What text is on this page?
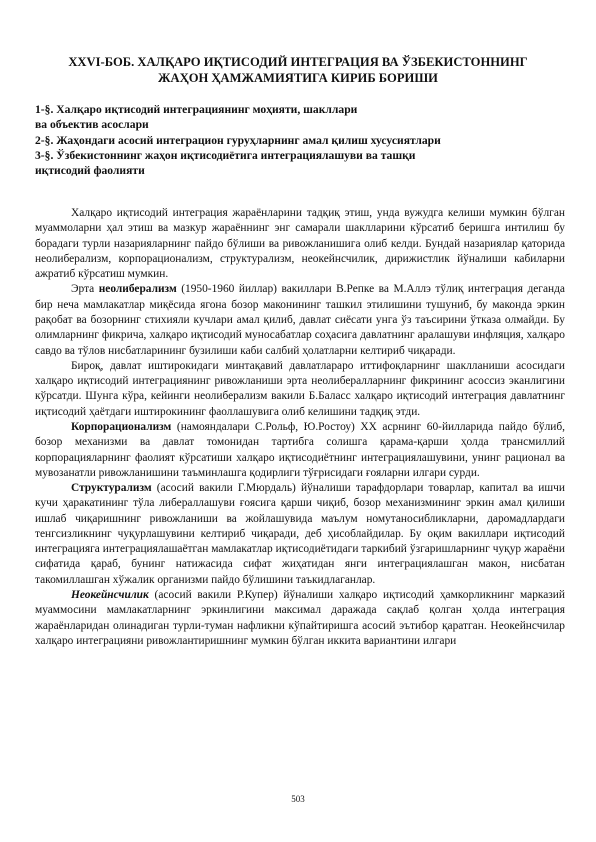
XXVI-БОБ. ХАЛҚАРО ИҚТИСОДИЙ ИНТЕГРАЦИЯ ВА ЎЗБЕКИСТОННИНГ
ЖАҲОН ҲАМЖАМИЯТИГА КИРИБ БОРИШИ
1-§. Халқаро иқтисодий интеграциянинг моҳияти, шакллари
ва объектив асослари
2-§. Жаҳондаги асосий интеграцион гуруҳларнинг амал қилиш хусусиятлари
3-§. Ўзбекистоннинг жаҳон иқтисодиётига интеграциялашуви ва ташқи
иқтисодий фаолияти

Халқаро иқтисодий интеграция жараёнларини тадқиқ этиш, унда вужудга келиши мумкин бўлган муаммоларни ҳал этиш ва мазкур жараённинг энг самарали шаклларини кўрсатиб беришга интилиш бу борадаги турли назарияларнинг пайдо бўлиши ва ривожланишига олиб келди. Бундай назариялар қаторида неолиберализм, корпорационализм, структурализм, неокейнсчилик, дирижистлик йўналиши кабиларни ажратиб кўрсатиш мумкин.

Эрта неолиберализм (1950-1960 йиллар) вакиллари В.Репке ва М.Аллэ тўлиқ интеграция деганда бир неча мамлакатлар миқёсида ягона бозор маконининг ташкил этилишини тушуниб, бу маконда эркин рақобат ва бозорнинг стихияли кучлари амал қилиб, давлат сиёсати унга ўз таъсирини ўтказа олмайди. Бу олимларнинг фикрича, халқаро иқтисодий муносабатлар соҳасига давлатнинг аралашуви инфляция, халқаро савдо ва тўлов нисбатларининг бузилиши каби салбий ҳолатларни келтириб чиқаради.

Бироқ, давлат иштирокидаги минтақавий давлатлараро иттифоқларнинг шаклланиши асосидаги халқаро иқтисодий интеграциянинг ривожланиши эрта неолибералларнинг фикрининг асоссиз эканлигини кўрсатди. Шунга кўра, кейинги неолиберализм вакили Б.Баласс халқаро иқтисодий интеграция давлатнинг иқтисодий ҳаётдаги иштирокининг фаоллашувига олиб келишини тадқиқ этди.

Корпорационализм (намояндалари С.Рольф, Ю.Ростоу) XX асрнинг 60-йилларида пайдо бўлиб, бозор механизми ва давлат томонидан тартибга солишга қарама-қарши ҳолда трансмиллий корпорацияларнинг фаолият кўрсатиши халқаро иқтисодиётнинг интеграциялашувини, унинг рационал ва мувозанатли ривожланишини таъминлашга қодирлиги тўғрисидаги ғояларни илгари сурди.

Структурализм (асосий вакили Г.Мюрдаль) йўналиши тарафдорлари товарлар, капитал ва ишчи кучи ҳаракатининг тўла либераллашуви ғоясига қарши чиқиб, бозор механизмининг эркин амал қилиши ишлаб чиқаришнинг ривожланиши ва жойлашувида маълум номутаносибликларни, даромадлардаги тенгсизликнинг чуқурлашувини келтириб чиқаради, деб ҳисоблайдилар. Бу оқим вакиллари иқтисодий интеграцияга интеграциялашаётган мамлакатлар иқтисодиётидаги таркибий ўзгаришларнинг чуқур жараёни сифатида қараб, бунинг натижасида сифат жиҳатидан янги интеграциялашган макон, нисбатан такомиллашган хўжалик организми пайдо бўлишини таъкидлаганлар.

Неокейнсчилик (асосий вакили Р.Купер) йўналиши халқаро иқтисодий ҳамкорликнинг марказий муаммосини мамлакатларнинг эркинлигини максимал даражада сақлаб қолган ҳолда интеграция жараёнларидан олинадиган турли-туман нафликни кўпайтиришга асосий эътибор қаратган. Неокейнсчилар халқаро интеграцияни ривожлантиришнинг мумкин бўлган иккита вариантини илгари

503
